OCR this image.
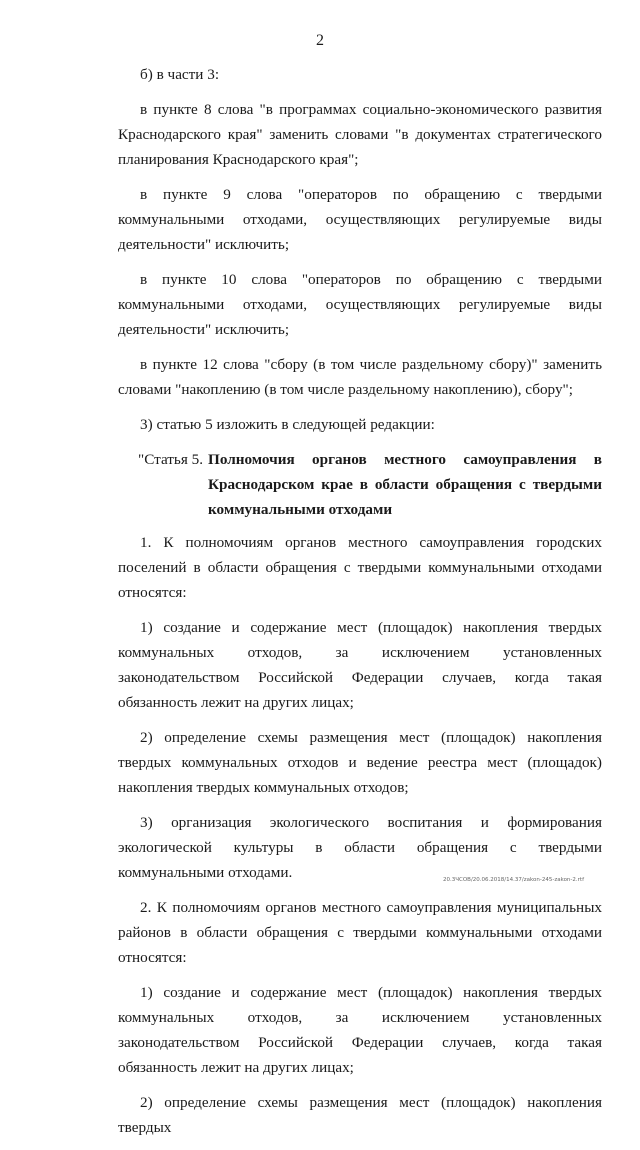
2

б) в части 3:

в пункте 8 слова "в программах социально-экономического развития Краснодарского края" заменить словами "в документах стратегического планирования Краснодарского края";

в пункте 9 слова "операторов по обращению с твердыми коммунальными отходами, осуществляющих регулируемые виды деятельности" исключить;

в пункте 10 слова "операторов по обращению с твердыми коммунальными отходами, осуществляющих регулируемые виды деятельности" исключить;

в пункте 12 слова "сбору (в том числе раздельному сбору)" заменить словами "накоплению (в том числе раздельному накоплению), сбору";

3) статью 5 изложить в следующей редакции:

"Статья 5. Полномочия органов местного самоуправления в Краснодарском крае в области обращения с твердыми коммунальными отходами

1. К полномочиям органов местного самоуправления городских поселений в области обращения с твердыми коммунальными отходами относятся:

1) создание и содержание мест (площадок) накопления твердых коммунальных отходов, за исключением установленных законодательством Российской Федерации случаев, когда такая обязанность лежит на других лицах;

2) определение схемы размещения мест (площадок) накопления твердых коммунальных отходов и ведение реестра мест (площадок) накопления твердых коммунальных отходов;

3) организация экологического воспитания и формирования экологической культуры в области обращения с твердыми коммунальными отходами.

2. К полномочиям органов местного самоуправления муниципальных районов в области обращения с твердыми коммунальными отходами относятся:

1) создание и содержание мест (площадок) накопления твердых коммунальных отходов, за исключением установленных законодательством Российской Федерации случаев, когда такая обязанность лежит на других лицах;

2) определение схемы размещения мест (площадок) накопления твердых

20.3ЧСОВ/20.06.2018/14.37/zakon-245-zakon-2.rtf
